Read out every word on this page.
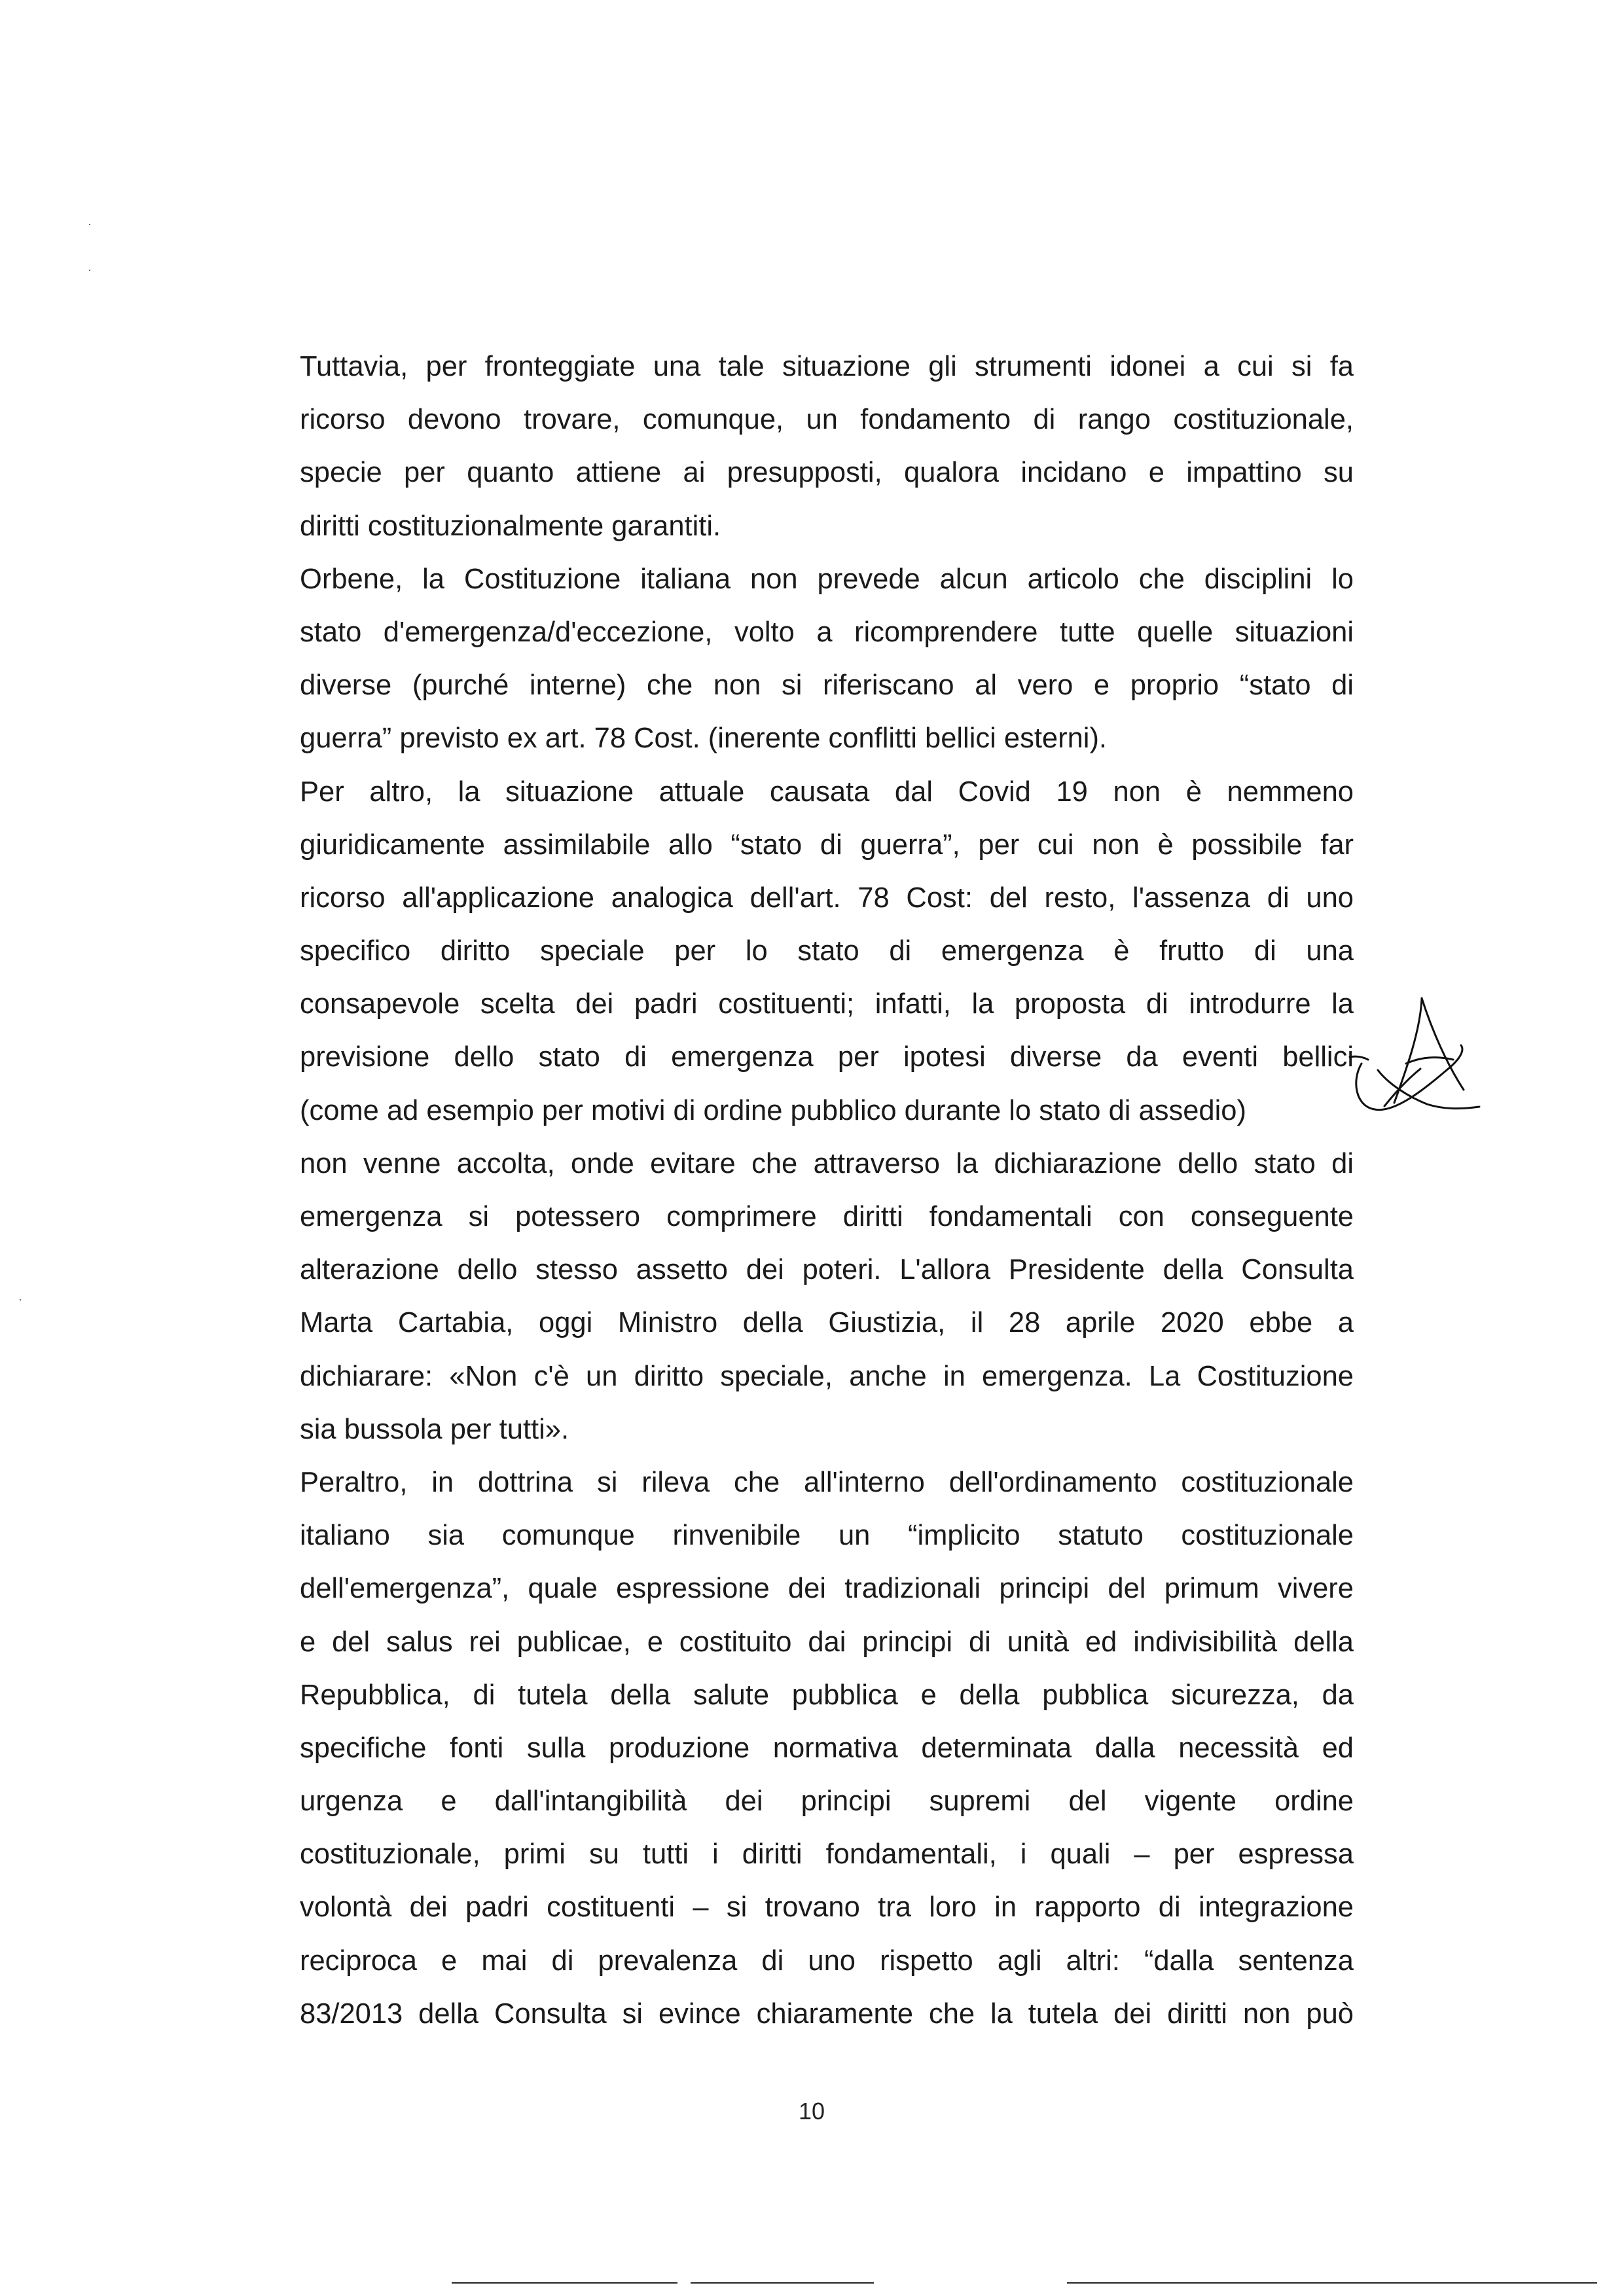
·
·
·
Tuttavia, per fronteggiate una tale situazione gli strumenti idonei a cui si fa
ricorso devono trovare, comunque, un fondamento di rango costituzionale,
specie per quanto attiene ai presupposti, qualora incidano e impattino su
diritti costituzionalmente garantiti.
Orbene, la Costituzione italiana non prevede alcun articolo che disciplini lo
stato d'emergenza/d'eccezione, volto a ricomprendere tutte quelle situazioni
diverse (purché interne) che non si riferiscano al vero e proprio “stato di
guerra” previsto ex art. 78 Cost. (inerente conflitti bellici esterni).
Per altro, la situazione attuale causata dal Covid 19 non è nemmeno
giuridicamente assimilabile allo “stato di guerra”, per cui non è possibile far
ricorso all'applicazione analogica dell'art. 78 Cost: del resto, l'assenza di uno
specifico diritto speciale per lo stato di emergenza è frutto di una
consapevole scelta dei padri costituenti; infatti, la proposta di introdurre la
previsione dello stato di emergenza per ipotesi diverse da eventi bellici
(come ad esempio per motivi di ordine pubblico durante lo stato di assedio)
non venne accolta, onde evitare che attraverso la dichiarazione dello stato di
emergenza si potessero comprimere diritti fondamentali con conseguente
alterazione dello stesso assetto dei poteri. L'allora Presidente della Consulta
Marta Cartabia, oggi Ministro della Giustizia, il 28 aprile 2020 ebbe a
dichiarare: «Non c'è un diritto speciale, anche in emergenza. La Costituzione
sia bussola per tutti».
Peraltro, in dottrina si rileva che all'interno dell'ordinamento costituzionale
italiano sia comunque rinvenibile un “implicito statuto costituzionale
dell'emergenza”, quale espressione dei tradizionali principi del primum vivere
e del salus rei publicae, e costituito dai principi di unità ed indivisibilità della
Repubblica, di tutela della salute pubblica e della pubblica sicurezza, da
specifiche fonti sulla produzione normativa determinata dalla necessità ed
urgenza e dall'intangibilità dei principi supremi del vigente ordine
costituzionale, primi su tutti i diritti fondamentali, i quali – per espressa
volontà dei padri costituenti – si trovano tra loro in rapporto di integrazione
reciproca e mai di prevalenza di uno rispetto agli altri: “dalla sentenza
83/2013 della Consulta si evince chiaramente che la tutela dei diritti non può
10
